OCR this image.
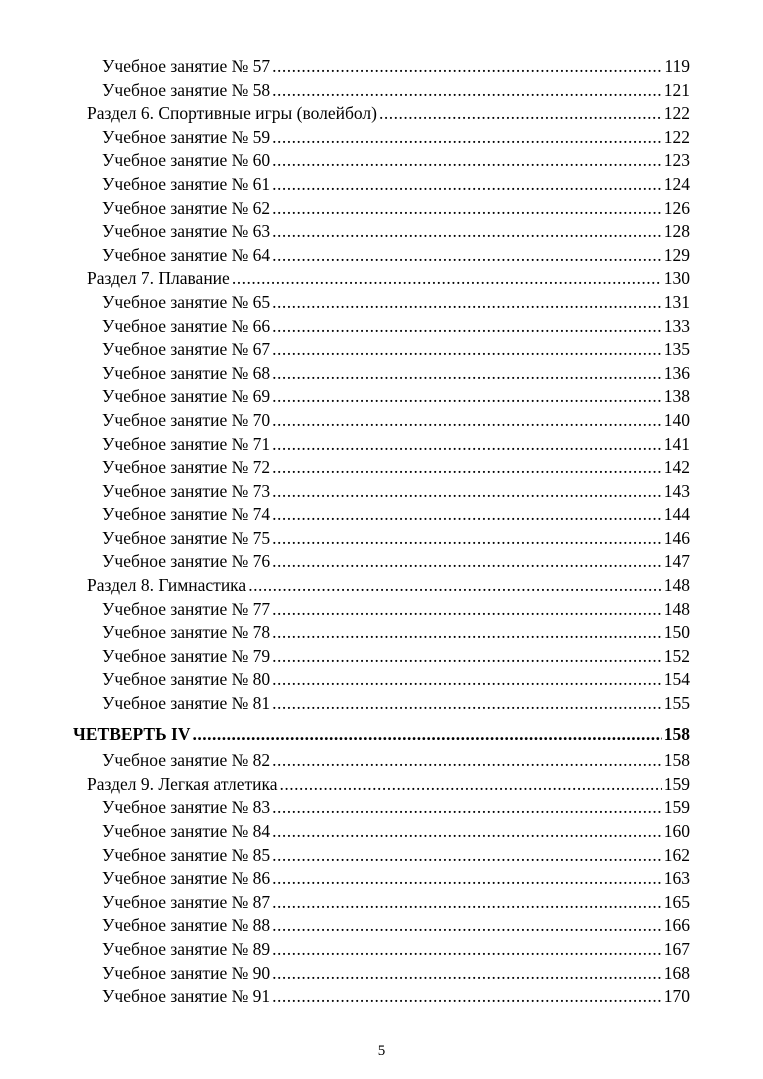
Учебное занятие № 57 .....	119
Учебное занятие № 58 .....	121
Раздел 6. Спортивные игры (волейбол) .....	122
Учебное занятие № 59 .....	122
Учебное занятие № 60 .....	123
Учебное занятие № 61 .....	124
Учебное занятие № 62 .....	126
Учебное занятие № 63 .....	128
Учебное занятие № 64 .....	129
Раздел 7. Плавание .....	130
Учебное занятие № 65 .....	131
Учебное занятие № 66 .....	133
Учебное занятие № 67 .....	135
Учебное занятие № 68 .....	136
Учебное занятие № 69 .....	138
Учебное занятие № 70 .....	140
Учебное занятие № 71 .....	141
Учебное занятие № 72 .....	142
Учебное занятие № 73 .....	143
Учебное занятие № 74 .....	144
Учебное занятие № 75 .....	146
Учебное занятие № 76 .....	147
Раздел 8. Гимнастика .....	148
Учебное занятие № 77 .....	148
Учебное занятие № 78 .....	150
Учебное занятие № 79 .....	152
Учебное занятие № 80 .....	154
Учебное занятие № 81 .....	155
ЧЕТВЕРТЬ IV .....	158
Учебное занятие № 82 .....	158
Раздел 9. Легкая атлетика .....	159
Учебное занятие № 83 .....	159
Учебное занятие № 84 .....	160
Учебное занятие № 85 .....	162
Учебное занятие № 86 .....	163
Учебное занятие № 87 .....	165
Учебное занятие № 88 .....	166
Учебное занятие № 89 .....	167
Учебное занятие № 90 .....	168
Учебное занятие № 91 .....	170
5
